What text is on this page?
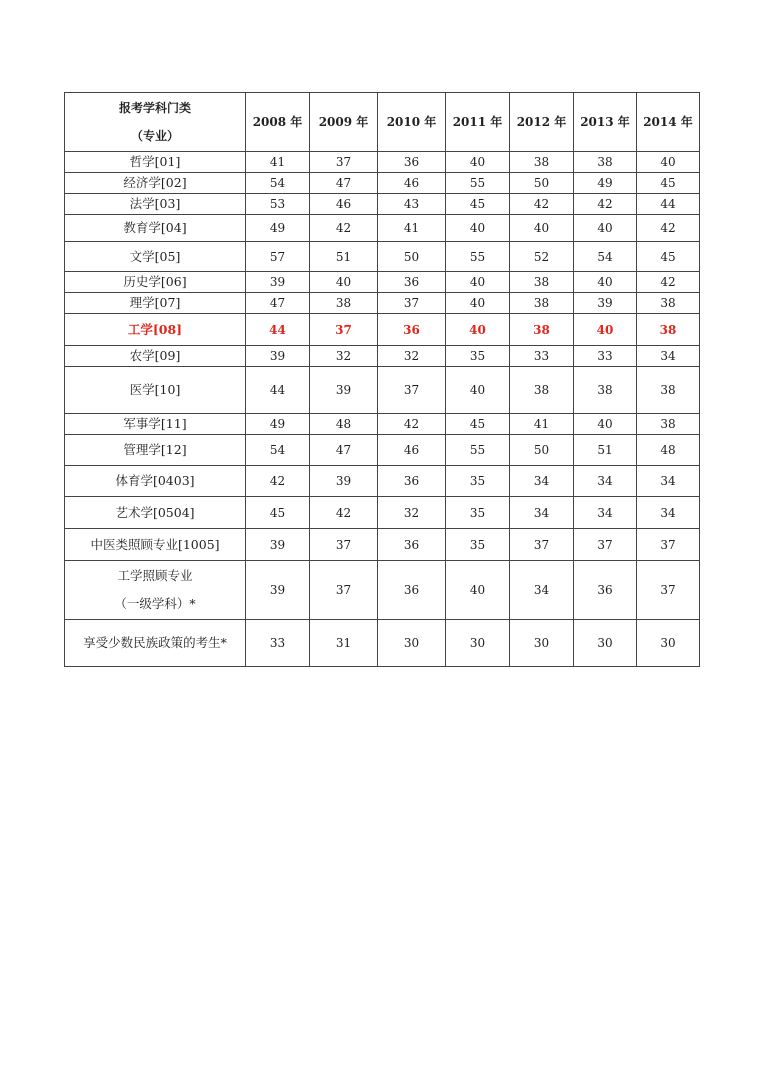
报考学科门类
（专业）	2008 年	2009 年	2010 年	2011 年	2012 年	2013 年	2014 年

哲学[01]	41	37	36	40	38	38	40

经济学[02]	54	47	46	55	50	49	45

法学[03]	53	46	43	45	42	42	44

教育学[04]	49	42	41	40	40	40	42

文学[05]	57	51	50	55	52	54	45

历史学[06]	39	40	36	40	38	40	42

理学[07]	47	38	37	40	38	39	38

工学[08]	44	37	36	40	38	40	38

农学[09]	39	32	32	35	33	33	34

医学[10]	44	39	37	40	38	38	38

军事学[11]	49	48	42	45	41	40	38

管理学[12]	54	47	46	55	50	51	48

体育学[0403]	42	39	36	35	34	34	34

艺术学[0504]	45	42	32	35	34	34	34

中医类照顾专业[1005]	39	37	36	35	37	37	37

工学照顾专业
（一级学科）*	39	37	36	40	34	36	37

享受少数民族政策的考生*	33	31	30	30	30	30	30
